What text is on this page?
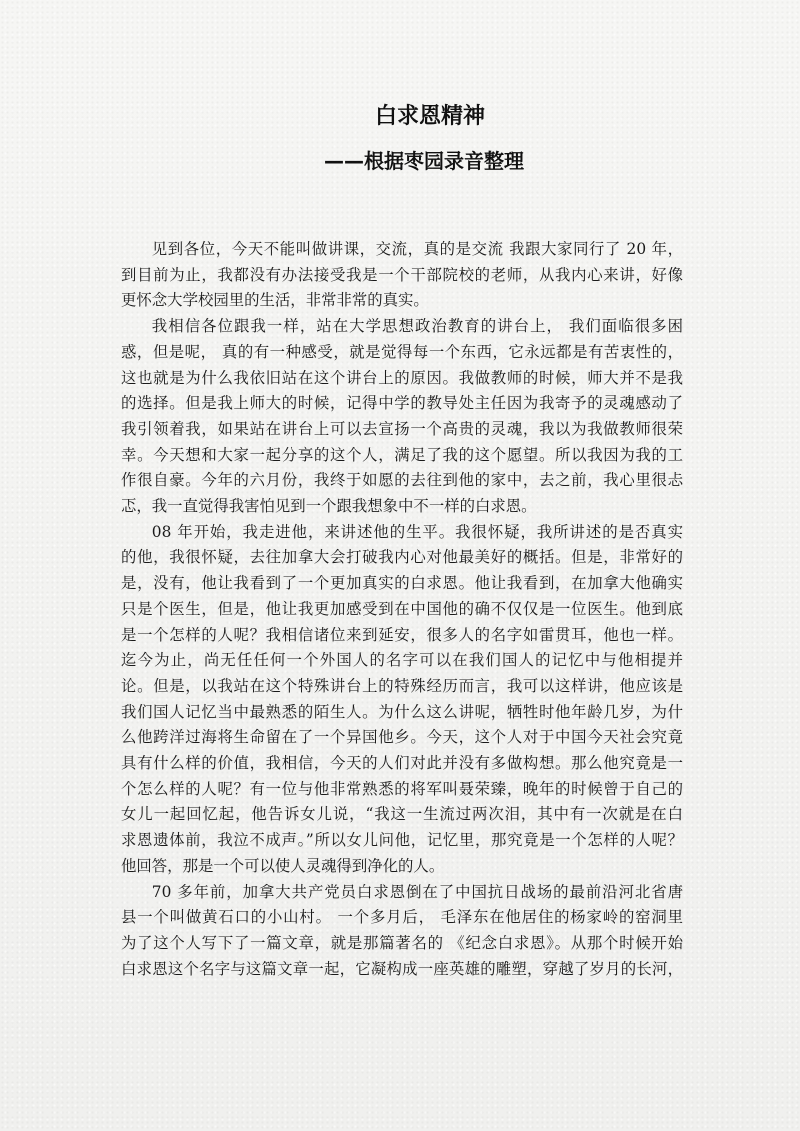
白求恩精神
——根据枣园录音整理
见到各位，今天不能叫做讲课，交流，真的是交流 我跟大家同行了 20 年，
到目前为止，我都没有办法接受我是一个干部院校的老师，从我内心来讲，好像
更怀念大学校园里的生活，非常非常的真实。
我相信各位跟我一样，站在大学思想政治教育的讲台上， 我们面临很多困
惑，但是呢， 真的有一种感受，就是觉得每一个东西，它永远都是有苦衷性的，
这也就是为什么我依旧站在这个讲台上的原因。我做教师的时候，师大并不是我
的选择。但是我上师大的时候，记得中学的教导处主任因为我寄予的灵魂感动了
我引领着我，如果站在讲台上可以去宣扬一个高贵的灵魂，我以为我做教师很荣
幸。今天想和大家一起分享的这个人，满足了我的这个愿望。所以我因为我的工
作很自豪。今年的六月份，我终于如愿的去往到他的家中，去之前，我心里很忐
忑，我一直觉得我害怕见到一个跟我想象中不一样的白求恩。
08 年开始，我走进他，来讲述他的生平。我很怀疑，我所讲述的是否真实
的他，我很怀疑，去往加拿大会打破我内心对他最美好的概括。但是，非常好的
是，没有，他让我看到了一个更加真实的白求恩。他让我看到，在加拿大他确实
只是个医生，但是，他让我更加感受到在中国他的确不仅仅是一位医生。他到底
是一个怎样的人呢？我相信诸位来到延安，很多人的名字如雷贯耳，他也一样。
迄今为止，尚无任任何一个外国人的名字可以在我们国人的记忆中与他相提并
论。但是，以我站在这个特殊讲台上的特殊经历而言，我可以这样讲，他应该是
我们国人记忆当中最熟悉的陌生人。为什么这么讲呢，牺牲时他年龄几岁，为什
么他跨洋过海将生命留在了一个异国他乡。今天，这个人对于中国今天社会究竟
具有什么样的价值，我相信，今天的人们对此并没有多做构想。那么他究竟是一
个怎么样的人呢？有一位与他非常熟悉的将军叫聂荣臻，晚年的时候曾于自己的
女儿一起回忆起，他告诉女儿说，“我这一生流过两次泪，其中有一次就是在白
求恩遗体前，我泣不成声。”所以女儿问他，记忆里，那究竟是一个怎样的人呢？
他回答，那是一个可以使人灵魂得到净化的人。
70 多年前，加拿大共产党员白求恩倒在了中国抗日战场的最前沿河北省唐
县一个叫做黄石口的小山村。 一个多月后， 毛泽东在他居住的杨家岭的窑洞里
为了这个人写下了一篇文章，就是那篇著名的 《纪念白求恩》。从那个时候开始
白求恩这个名字与这篇文章一起，它凝构成一座英雄的雕塑，穿越了岁月的长河，
